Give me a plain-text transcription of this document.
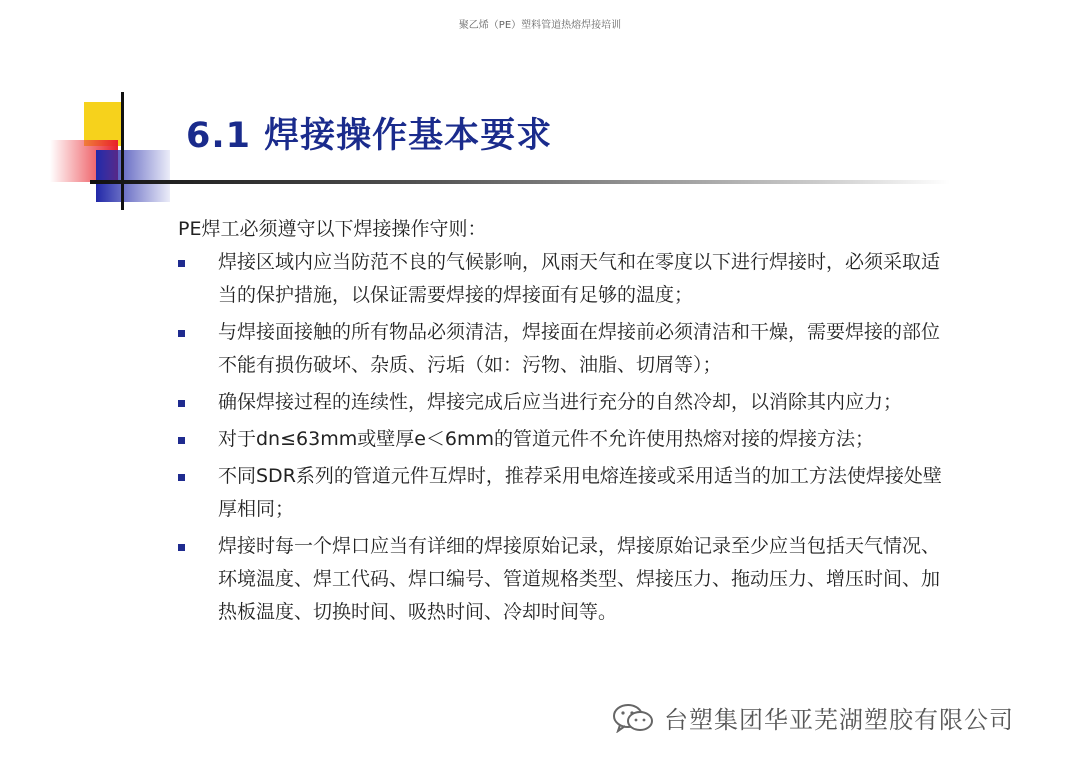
聚乙烯（PE）塑料管道热熔焊接培训
6.1 焊接操作基本要求
PE焊工必须遵守以下焊接操作守则：
焊接区域内应当防范不良的气候影响，风雨天气和在零度以下进行焊接时，必须采取适当的保护措施，以保证需要焊接的焊接面有足够的温度；
与焊接面接触的所有物品必须清洁，焊接面在焊接前必须清洁和干燥，需要焊接的部位不能有损伤破坏、杂质、污垢（如：污物、油脂、切屑等）；
确保焊接过程的连续性，焊接完成后应当进行充分的自然冷却，以消除其内应力；
对于dn≤63mm或壁厚e＜6mm的管道元件不允许使用热熔对接的焊接方法；
不同SDR系列的管道元件互焊时，推荐采用电熔连接或采用适当的加工方法使焊接处壁厚相同；
焊接时每一个焊口应当有详细的焊接原始记录，焊接原始记录至少应当包括天气情况、环境温度、焊工代码、焊口编号、管道规格类型、焊接压力、拖动压力、增压时间、加热板温度、切换时间、吸热时间、冷却时间等。
台塑集团华亚芜湖塑胶有限公司
